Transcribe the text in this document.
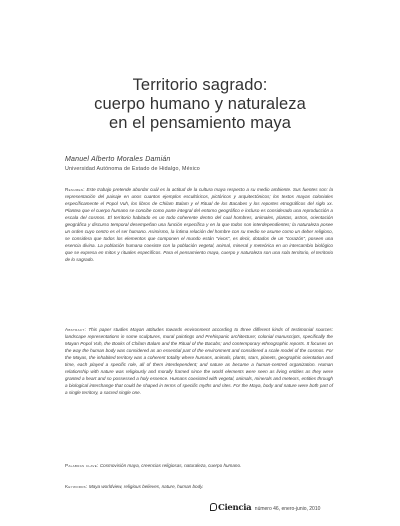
Territorio sagrado:
cuerpo humano y naturaleza
en el pensamiento maya
Manuel Alberto Morales Damián
Universidad Autónoma de Estado de Hidalgo, México

Resumen: Este trabajo pretende abordar cuál es la actitud de la cultura maya respecto a su medio ambiente. Sus fuentes son: la representación del paisaje en unos cuantos ejemplos escultóricos, pictóricos y arquitectónicos; los textos mayas coloniales específicamente el Popol Vuh, los libros de Chilam Balam y el Ritual de los Bacabes y los reportes etnográficos del siglo xx. Plantea que el cuerpo humano se concibe como parte integral del entorno geográfico e incluso es considerado una reproducción a escala del cosmos. El territorio habitado es un todo coherente dentro del cual hombres, animales, plantas, astros, orientación geográfica y discurso temporal desempeñan una función específica y en la que todos son interdependientes; la naturaleza posee un orden cuyo centro es el ser humano. Asimismo, la íntima relación del hombre con su medio se asume como un deber religioso, se considera que todos los elementos que componen el mundo están "vivos", es decir, dotados de un "corazón", poseen una esencia divina. La población humana coexiste con la población vegetal, animal, mineral y meteórica en un intercambio biológico que se expresa en mitos y rituales específicos. Para el pensamiento maya, cuerpo y naturaleza son una sola territorio, el territorio de lo sagrado.

Abstract: This paper studies Mayan attitudes towards environment according to three different kinds of testimonial sources: landscape representations in some sculptures, mural paintings and Prehispanic architecture; colonial manuscripts, specifically the Mayan Popol Vuh, the Books of Chilam Balam and the Ritual of the Bacabs; and contemporary ethnographic reports. It focuses on the way the human body was considered as an essential part of the environment and considered a scale model of the cosmos. For the Mayas, the inhabited territory was a coherent totality where humans, animals, plants, stars, planets, geographic orientation and time, each played a specific role, all of them interdependent; and nature as became a human-centred organization. Human relationship with nature was religiously and morally framed since the world elements were seen as living entities as they were granted a heart and so possessed a holy essence. Humans coexisted with vegetal, animals, minerals and meteors, entities through a biological interchange that could be shaped in terms of specific myths and rites. For the Maya, body and nature were both part of a single territory, a sacred single one.

Palabras clave: Cosmovisión maya, creencias religiosas, naturaleza, cuerpo humano.

Keywords: Maya worldview, religious believes, nature, human body.

Ciencia número 46, enero-junio, 2010
